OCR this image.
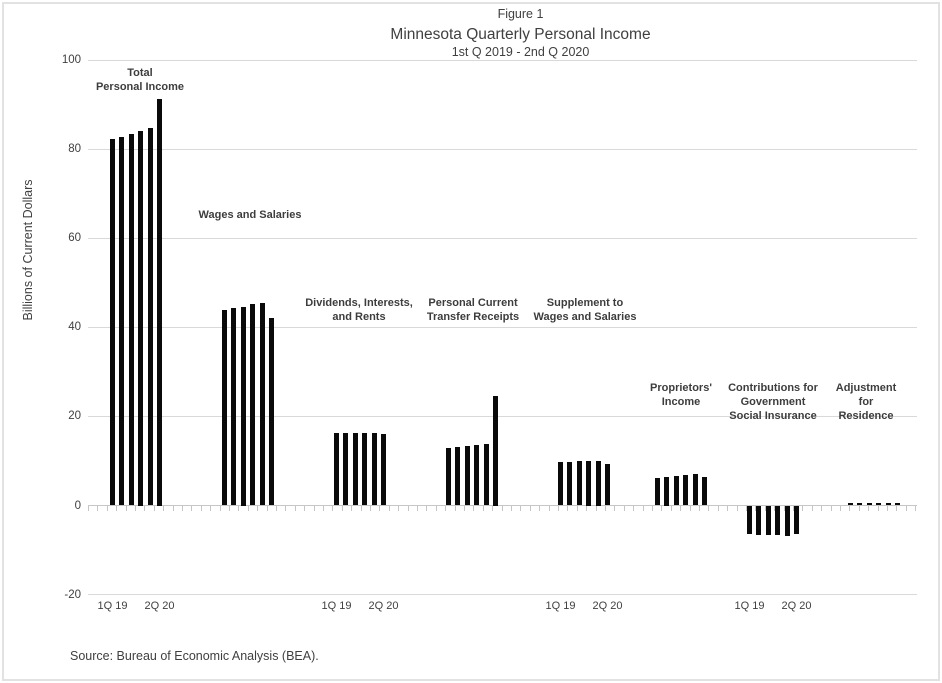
Figure 1
Minnesota Quarterly Personal Income
1st Q 2019 - 2nd Q 2020
Billions of Current Dollars
100
80
60
40
20
0
-20
Total
Personal Income
1Q 19	2Q 20
Wages and Salaries
Dividends, Interests,
and Rents
1Q 19	2Q 20
Personal Current
Transfer Receipts
Supplement to
Wages and Salaries
1Q 19	2Q 20
Proprietors'
Income
Contributions for
Government
Social Insurance
1Q 19	2Q 20
Adjustment
for
Residence
Source: Bureau of Economic Analysis (BEA).
